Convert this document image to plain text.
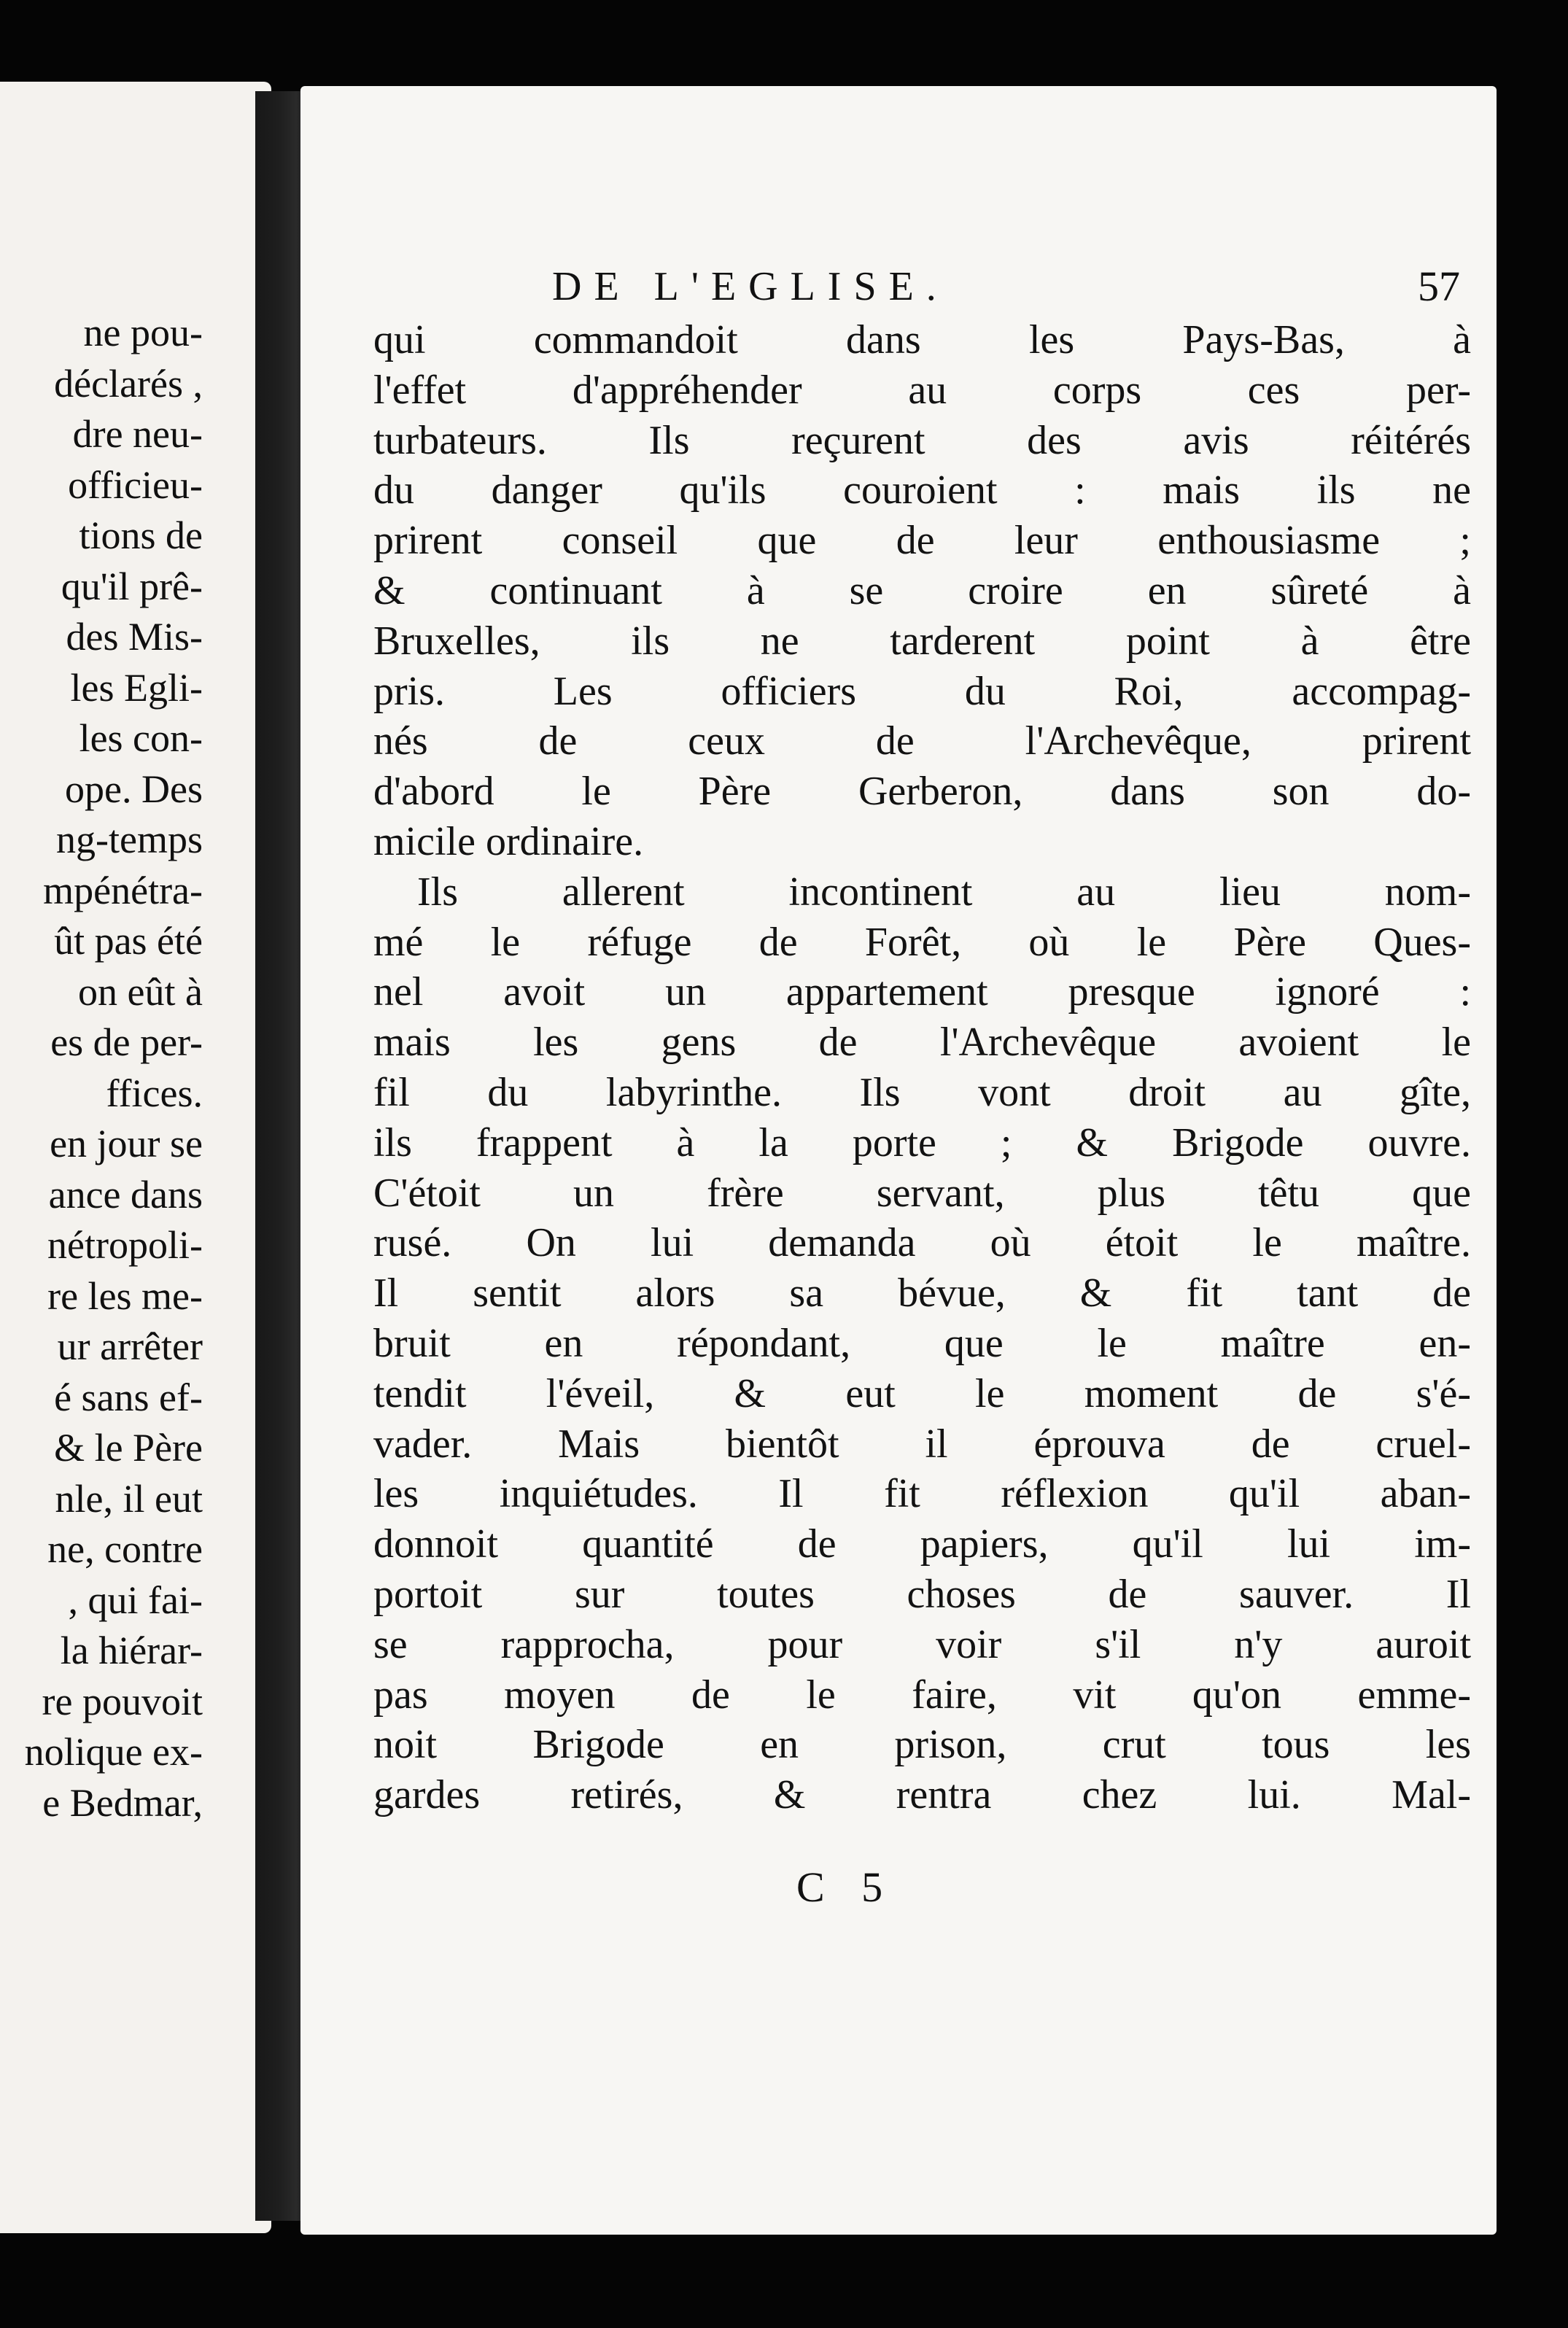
ne pou-
déclarés ,
dre neu-
officieu-
tions de
qu'il prê-
des Mis-
les Egli-
les con-
ope. Des
ng-temps
mpénétra-
ût pas été
on eût à
es de per-
ffices.
en jour se
ance dans
nétropoli-
re les me-
ur arrêter
é sans ef-
& le Père
nle, il eut
ne, contre
, qui fai-
la hiérar-
re pouvoit
nolique ex-
e Bedmar,
DE L'EGLISE.	57
qui commandoit dans les Pays-Bas, à
l'effet d'appréhender au corps ces per-
turbateurs. Ils reçurent des avis réitérés
du danger qu'ils couroient : mais ils ne
prirent conseil que de leur enthousiasme ;
& continuant à se croire en sûreté à
Bruxelles, ils ne tarderent point à être
pris. Les officiers du Roi, accompag-
nés de ceux de l'Archevêque, prirent
d'abord le Père Gerberon, dans son do-
micile ordinaire.
Ils allerent incontinent au lieu nom-
mé le réfuge de Forêt, où le Père Ques-
nel avoit un appartement presque ignoré :
mais les gens de l'Archevêque avoient le
fil du labyrinthe. Ils vont droit au gîte,
ils frappent à la porte ; & Brigode ouvre.
C'étoit un frère servant, plus têtu que
rusé. On lui demanda où étoit le maître.
Il sentit alors sa bévue, & fit tant de
bruit en répondant, que le maître en-
tendit l'éveil, & eut le moment de s'é-
vader. Mais bientôt il éprouva de cruel-
les inquiétudes. Il fit réflexion qu'il aban-
donnoit quantité de papiers, qu'il lui im-
portoit sur toutes choses de sauver. Il
se rapprocha, pour voir s'il n'y auroit
pas moyen de le faire, vit qu'on emme-
noit Brigode en prison, crut tous les
gardes retirés, & rentra chez lui. Mal-
C 5
